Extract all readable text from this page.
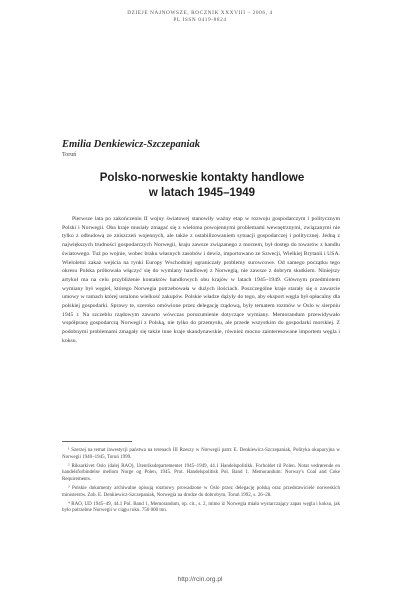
DZIEJE NAJNOWSZE, ROCZNIK XXXVIII – 2006, 4
PL ISSN 0419-8824
Emilia Denkiewicz-Szczepaniak
Toruń
Polsko-norweskie kontakty handlowe
w latach 1945–1949

Pierwsze lata po zakończeniu II wojny światowej stanowiły ważny etap w rozwoju gospodarczym i politycznym Polski i Norwegii. Oba kraje musiały zmagać się z wieloma powojennymi problemami wewnętrznymi, związanymi nie tylko z odbudową ze zniszczeń wojennych, ale także z ustabilizowaniem sytuacji gospodarczej i politycznej. Jedną z największych trudności gospodarczych Norwegii, kraju zawsze związanego z morzem, był dostęp do towarów z handlu światowego. Tuż po wojnie, wobec braku własnych zasobów i dewiz, importowano ze Szwecji, Wielkiej Brytanii i USA. Wieloletni zakaz wejścia na rynki Europy Wschodniej ograniczały problemy surowcowe. Od samego początku tego okresu Polska próbowała włączyć się do wymiany handlowej z Norwegią, nie zawsze z dobrym skutkiem. Niniejszy artykuł ma na celu przybliżenie kontaktów handlowych obu krajów w latach 1945–1949. Głównym przedmiotem wymiany był węgiel, którego Norwegia potrzebowała w dużych ilościach. Poszczególne kraje starały się o zawarcie umowy w ramach której ustalono wielkość zakupów. Polskie władze dążyły do tego, aby eksport węgla był opłacalny dla polskiej gospodarki. Sprawy te, szeroko omówione przez delegację rządową, były tematem rozmów w Oslo w sierpniu 1945 r. Na szczeblu rządowym zawarto wówczas porozumienie dotyczące wymiany. Memorandum przewidywało współpracę gospodarczą Norwegii z Polską, nie tylko do przemysłu, ale przede wszystkim do gospodarki morskiej. Z podobnymi problemami zmagały się także inne kraje skandynawskie, również mocno zainteresowane importem węgla i koksu.

¹ Szerzej na temat inwestycji państwa na terenach III Rzeszy w Norwegii patrz E. Denkiewicz-Szczepaniak, Polityka okupacyjna w Norwegii 1940–1945, Toruń 1999.

² Riksarkivet Oslo (dalej RAO), Utenriksdepartementet 1945–1949, 44.1 Handelspolitikk. Forholdet til Polen. Notat vedrørende en handelsforbindelse mellom Norge og Polen, 1945. Prot. Handelspolitisk Pol. Band 1. Memorandum: Norway's Coal and Coke Requirements.

³ Polskie dokumenty archiwalne opisują rozmowy prowadzone w Oslo przez delegację polską oraz przedstawiciele norweskich ministerstw. Zob. E. Denkiewicz-Szczepaniak, Norwegia na drodze do dobrobytu, Toruń 1992, s. 26–28.

⁴ RAO, UD 1945–49, 44.1 Pol. Band 1, Memorandum, op. cit., s. 2, mimo iż Norwegia miała wystarczający zapas węgla i koksu, jak było potrzebne Norwegii w ciągu roku. 750 000 ton.

http://rcin.org.pl
